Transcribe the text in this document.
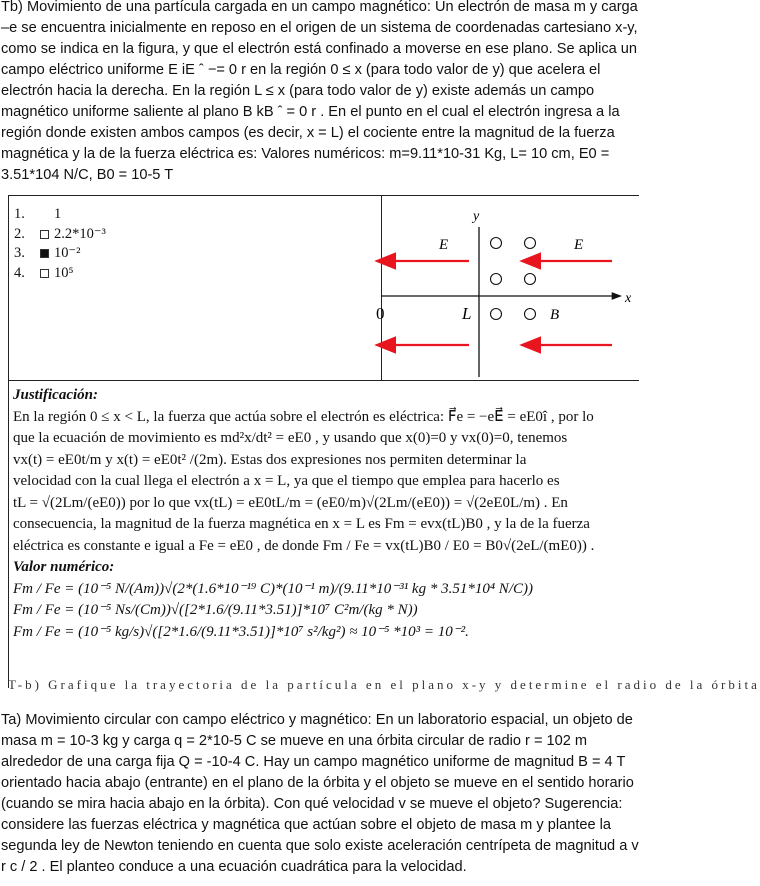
Tb) Movimiento de una partícula cargada en un campo magnético: Un electrón de masa m y carga –e se encuentra inicialmente en reposo en el origen de un sistema de coordenadas cartesiano x-y, como se indica en la figura, y que el electrón está confinado a moverse en ese plano. Se aplica un campo eléctrico uniforme E iE ˆ −= 0 r en la región 0 ≤ x (para todo valor de y) que acelera el electrón hacia la derecha. En la región L ≤ x (para todo valor de y) existe además un campo magnético uniforme saliente al plano B kB ˆ = 0 r . En el punto en el cual el electrón ingresa a la región donde existen ambos campos (es decir, x = L) el cociente entre la magnitud de la fuerza magnética y la de la fuerza eléctrica es: Valores numéricos: m=9.11*10-31 Kg, L= 10 cm, E0 = 3.51*104 N/C, B0 = 10-5 T

1.	1
2.	2.2*10⁻³
3.	10⁻²
4.	10⁵
y
x
0	L
E⃗	E⃗
B⃗

Justificación:

En la región 0 ≤ x < L, la fuerza que actúa sobre el electrón es eléctrica: F⃗e = −eE⃗ = eE0î , por lo

que la ecuación de movimiento es md²x/dt² = eE0 , y usando que x(0)=0 y vx(0)=0, tenemos

vx(t) = eE0t/m y x(t) = eE0t² /(2m). Estas dos expresiones nos permiten determinar la

velocidad con la cual llega el electrón a x = L, ya que el tiempo que emplea para hacerlo es

tL = √(2Lm/(eE0)) por lo que vx(tL) = eE0tL/m = (eE0/m)√(2Lm/(eE0)) = √(2eE0L/m) . En

consecuencia, la magnitud de la fuerza magnética en x = L es Fm = evx(tL)B0 , y la de la fuerza

eléctrica es constante e igual a Fe = eE0 , de donde Fm / Fe = vx(tL)B0 / E0 = B0√(2eL/(mE0)) .

Valor numérico:

Fm / Fe = (10⁻⁵ N/(Am))√(2*(1.6*10⁻¹⁹ C)*(10⁻¹ m)/(9.11*10⁻³¹ kg * 3.51*10⁴ N/C))

Fm / Fe = (10⁻⁵ Ns/(Cm))√([2*1.6/(9.11*3.51)]*10⁷ C²m/(kg * N))

Fm / Fe = (10⁻⁵ kg/s)√([2*1.6/(9.11*3.51)]*10⁷ s²/kg²) ≈ 10⁻⁵ *10³ = 10⁻².

T-b) Grafique la trayectoria de la partícula en el plano x-y y determine el radio de la órbita

Ta) Movimiento circular con campo eléctrico y magnético: En un laboratorio espacial, un objeto de masa m = 10-3 kg y carga q = 2*10-5 C se mueve en una órbita circular de radio r = 102 m alrededor de una carga fija Q = -10-4 C. Hay un campo magnético uniforme de magnitud B = 4 T orientado hacia abajo (entrante) en el plano de la órbita y el objeto se mueve en el sentido horario (cuando se mira hacia abajo en la órbita). Con qué velocidad v se mueve el objeto? Sugerencia: considere las fuerzas eléctrica y magnética que actúan sobre el objeto de masa m y plantee la segunda ley de Newton teniendo en cuenta que solo existe aceleración centrípeta de magnitud a v r c / 2 . El planteo conduce a una ecuación cuadrática para la velocidad.
